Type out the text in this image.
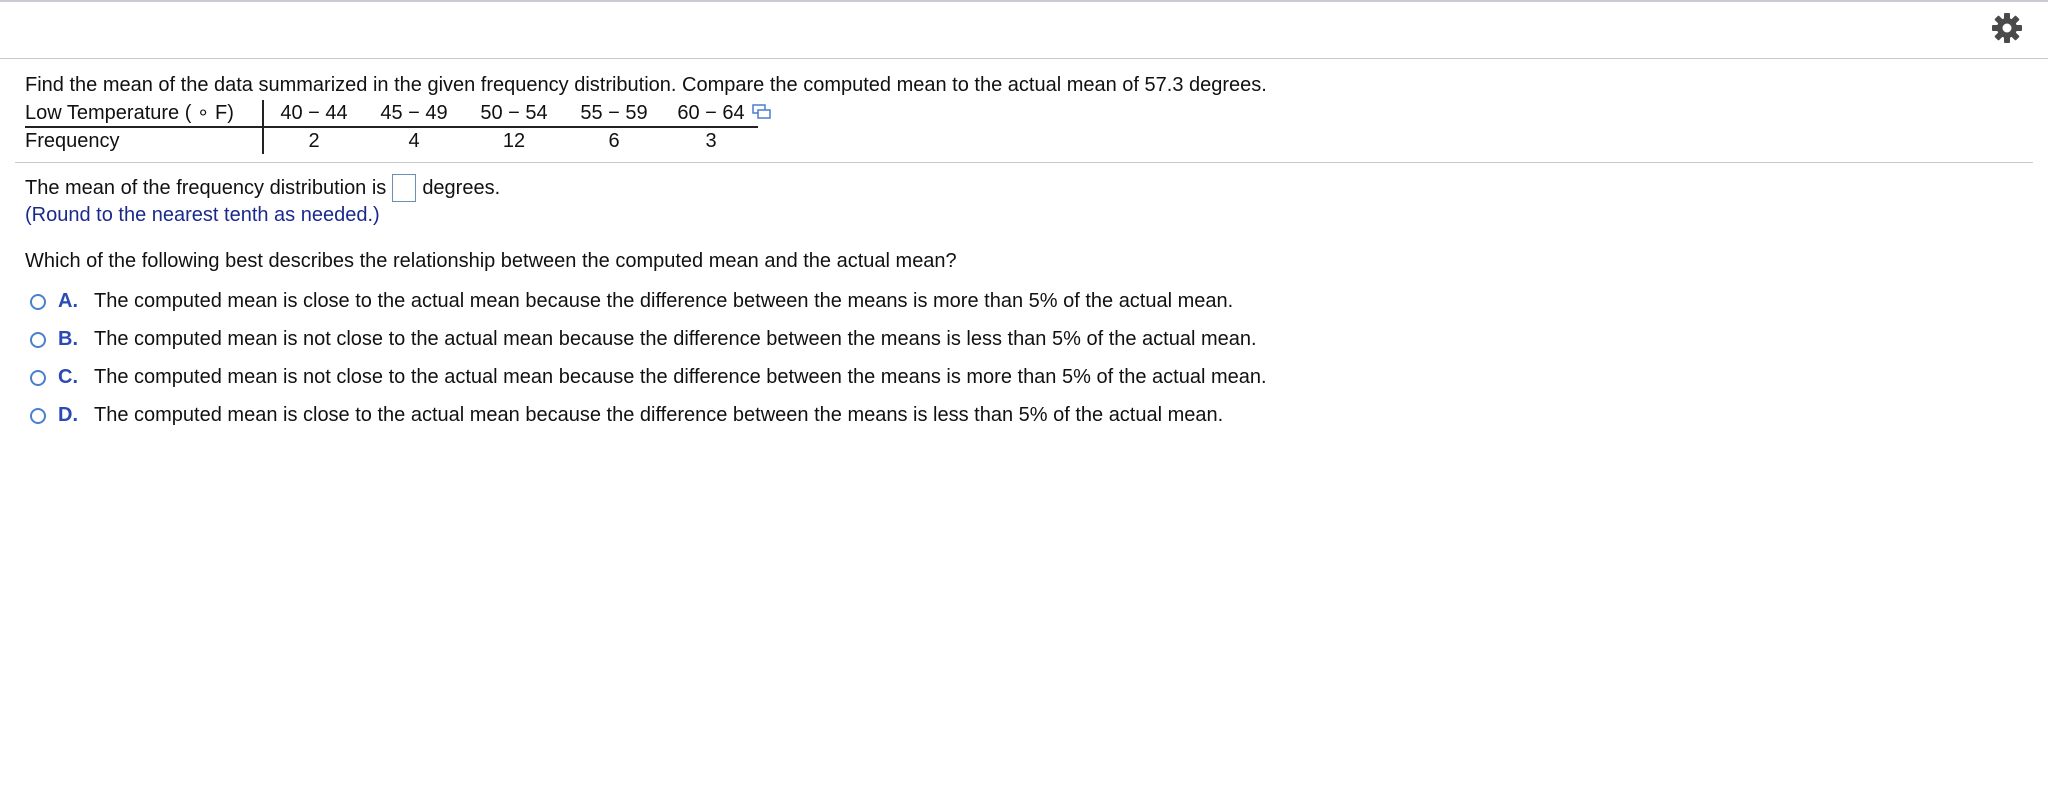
Find the mean of the data summarized in the given frequency distribution. Compare the computed mean to the actual mean of 57.3 degrees.
Low Temperature ( ∘ F)	40 − 44	45 − 49	50 − 54	55 − 59	60 − 64
Frequency	2	4	12	6	3
The mean of the frequency distribution is degrees.
(Round to the nearest tenth as needed.)
Which of the following best describes the relationship between the computed mean and the actual mean?
A. The computed mean is close to the actual mean because the difference between the means is more than 5% of the actual mean.
B. The computed mean is not close to the actual mean because the difference between the means is less than 5% of the actual mean.
C. The computed mean is not close to the actual mean because the difference between the means is more than 5% of the actual mean.
D. The computed mean is close to the actual mean because the difference between the means is less than 5% of the actual mean.
